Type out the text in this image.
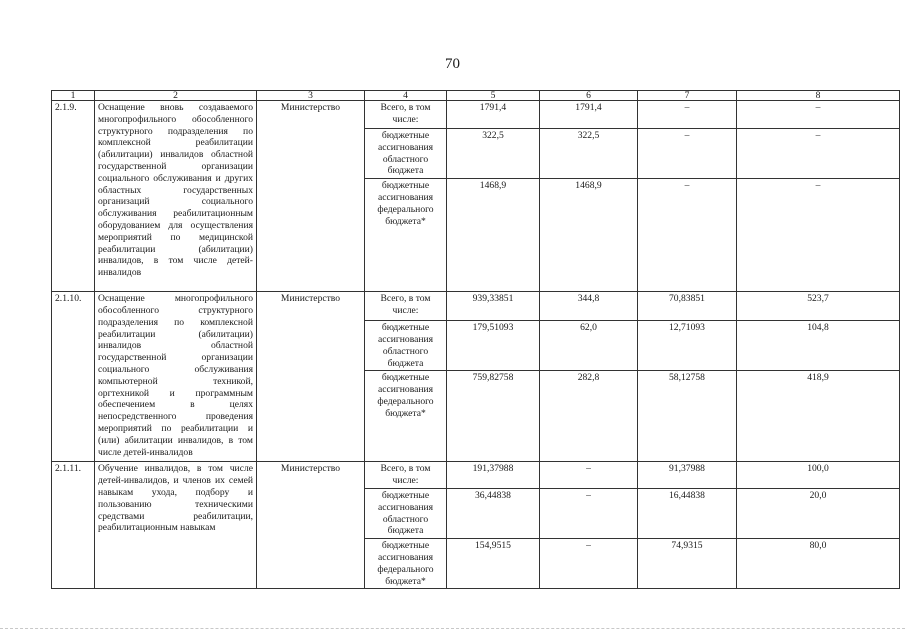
70
1	2	3	4	5	6	7	8
2.1.9.	Оснащение вновь создаваемого многопрофильного обособленного структурного подразделения по комплексной реабилитации (абилитации) инвалидов областной государственной организации социального обслуживания и других областных государственных организаций социального обслуживания реабилитационным оборудованием для осуществления мероприятий по медицинской реабилитации (абилитации) инвалидов, в том числе детей-инвалидов	Министерство	Всего, в том числе:	1791,4	1791,4	–	–
			бюджетные ассигнования областного бюджета	322,5	322,5	–	–
			бюджетные ассигнования федерального бюджета*	1468,9	1468,9	–	–
2.1.10.	Оснащение многопрофильного обособленного структурного подразделения по комплексной реабилитации (абилитации) инвалидов областной государственной организации социального обслуживания компьютерной техникой, оргтехникой и программным обеспечением в целях непосредственного проведения мероприятий по реабилитации и (или) абилитации инвалидов, в том числе детей-инвалидов	Министерство	Всего, в том числе:	939,33851	344,8	70,83851	523,7
			бюджетные ассигнования областного бюджета	179,51093	62,0	12,71093	104,8
			бюджетные ассигнования федерального бюджета*	759,82758	282,8	58,12758	418,9
2.1.11.	Обучение инвалидов, в том числе детей-инвалидов, и членов их семей навыкам ухода, подбору и пользованию техническими средствами реабилитации, реабилитационным навыкам	Министерство	Всего, в том числе:	191,37988	–	91,37988	100,0
			бюджетные ассигнования областного бюджета	36,44838	–	16,44838	20,0
			бюджетные ассигнования федерального бюджета*	154,9515	–	74,9315	80,0
